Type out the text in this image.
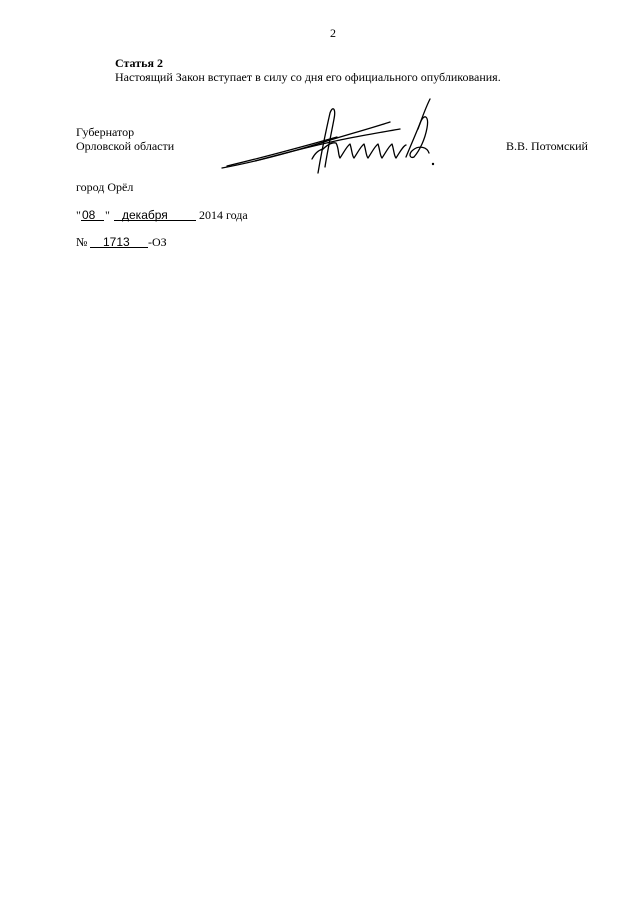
2
Статья 2
Настоящий Закон вступает в силу со дня его официального опубликования.
Губернатор
Орловской области	В.В. Потомский
город Орёл
" 08 " декабря	2014 года
№ 1713 -ОЗ
